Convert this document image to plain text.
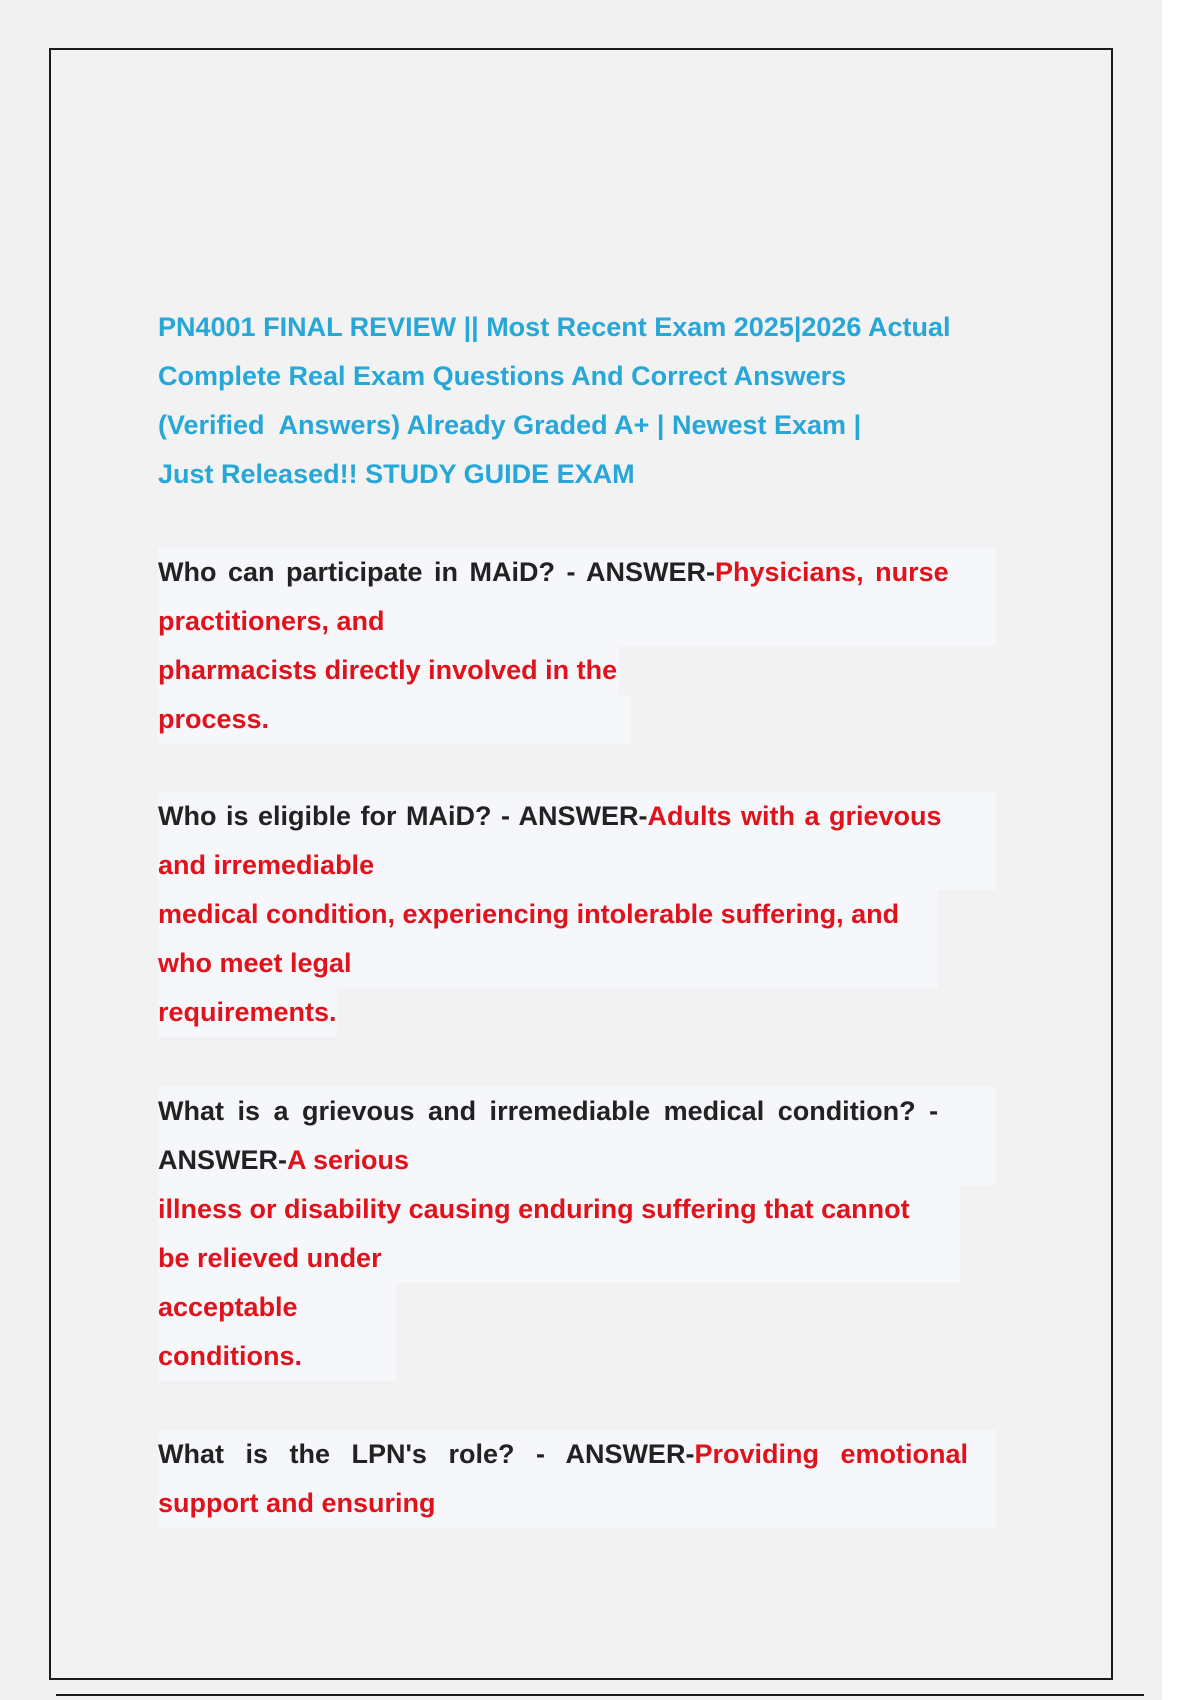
PN4001 FINAL REVIEW || Most Recent Exam 2025|2026 Actual
Complete Real Exam Questions And Correct Answers
(Verified  Answers) Already Graded A+ | Newest Exam |
Just Released!! STUDY GUIDE EXAM
Who can participate in MAiD? - ANSWER-Physicians, nurse
practitioners, and
pharmacists directly involved in the
process.
Who is eligible for MAiD? - ANSWER-Adults with a grievous
and irremediable
medical condition, experiencing intolerable suffering, and
who meet legal
requirements.
What is a grievous and irremediable medical condition? -
ANSWER-A serious
illness or disability causing enduring suffering that cannot
be relieved under
acceptable
conditions.
What is the LPN's role? - ANSWER-Providing emotional
support and ensuring
